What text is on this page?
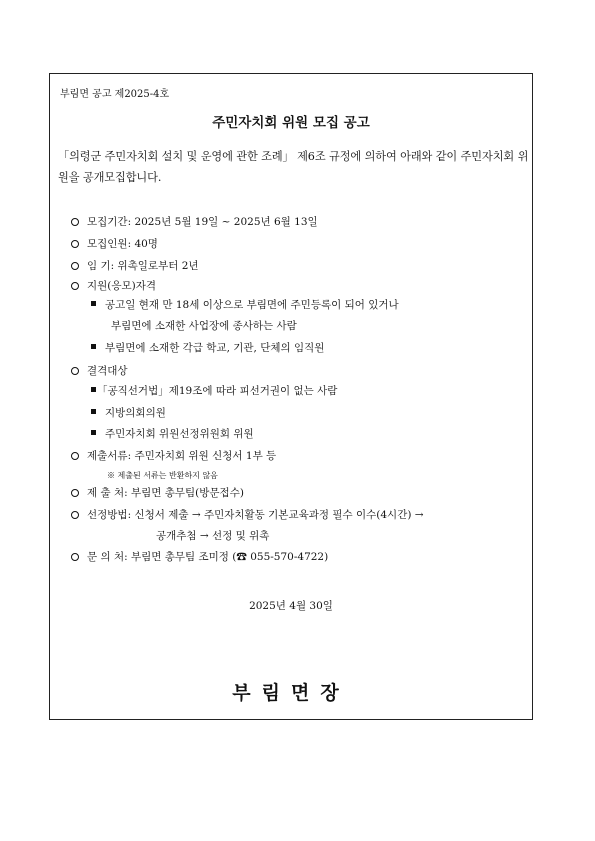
부림면 공고 제2025-4호
주민자치회 위원 모집 공고
「의령군 주민자치회 설치 및 운영에 관한 조례」 제6조 규정에 의하여 아래와 같이 주민자치회 위원을 공개모집합니다.
모집기간: 2025년 5월 19일 ~ 2025년 6월 13일
모집인원: 40명
임 기: 위촉일로부터 2년
지원(응모)자격
공고일 현재 만 18세 이상으로 부림면에 주민등록이 되어 있거나
부림면에 소재한 사업장에 종사하는 사람
부림면에 소재한 각급 학교, 기관, 단체의 임직원
결격대상
「공직선거법」제19조에 따라 피선거권이 없는 사람
지방의회의원
주민자치회 위원선정위원회 위원
제출서류: 주민자치회 위원 신청서 1부 등
※ 제출된 서류는 반환하지 않음
제 출 처: 부림면 총무팀(방문접수)
선정방법: 신청서 제출 → 주민자치활동 기본교육과정 필수 이수(4시간) →
공개추첨 → 선정 및 위촉
문 의 처: 부림면 총무팀 조미정 (☎ 055-570-4722)
2025년 4월 30일
부림면장
